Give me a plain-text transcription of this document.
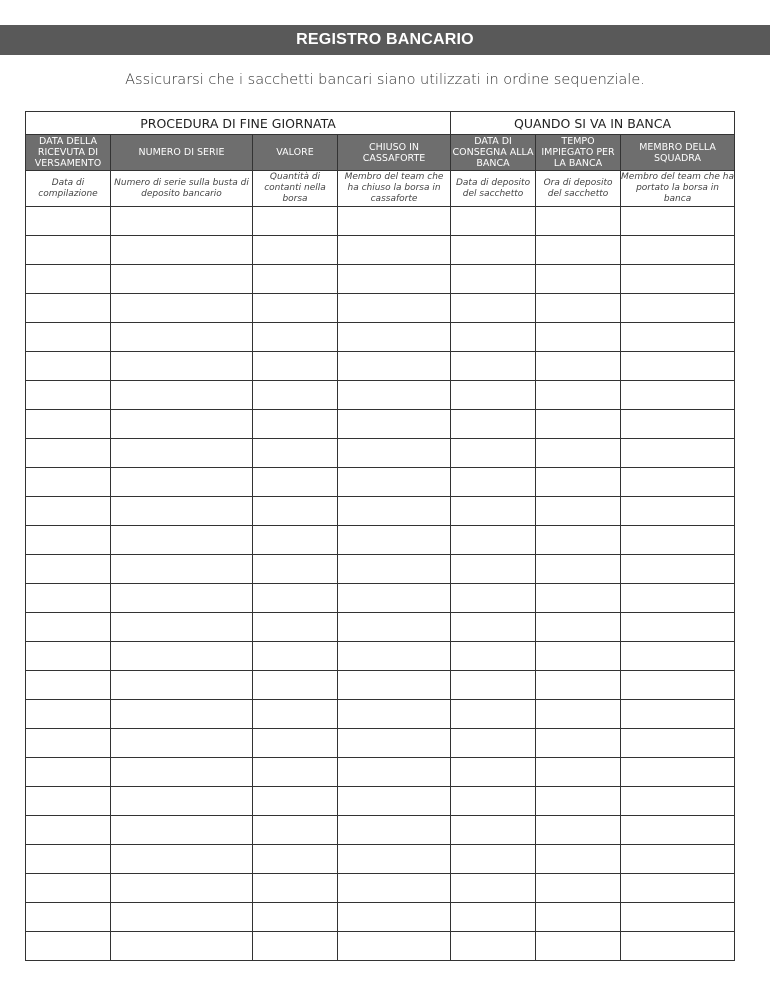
REGISTRO BANCARIO
Assicurarsi che i sacchetti bancari siano utilizzati in ordine sequenziale.
PROCEDURA DI FINE GIORNATA				QUANDO SI VA IN BANCA		
DATA DELLA RICEVUTA DI VERSAMENTO	NUMERO DI SERIE	VALORE	CHIUSO IN CASSAFORTE	DATA DI CONSEGNA ALLA BANCA	TEMPO IMPIEGATO PER LA BANCA	MEMBRO DELLA SQUADRA
Data di compilazione	Numero di serie sulla busta di deposito bancario	Quantità di contanti nella borsa	Membro del team che ha chiuso la borsa in cassaforte	Data di deposito del sacchetto	Ora di deposito del sacchetto	Membro del team che ha portato la borsa in banca
